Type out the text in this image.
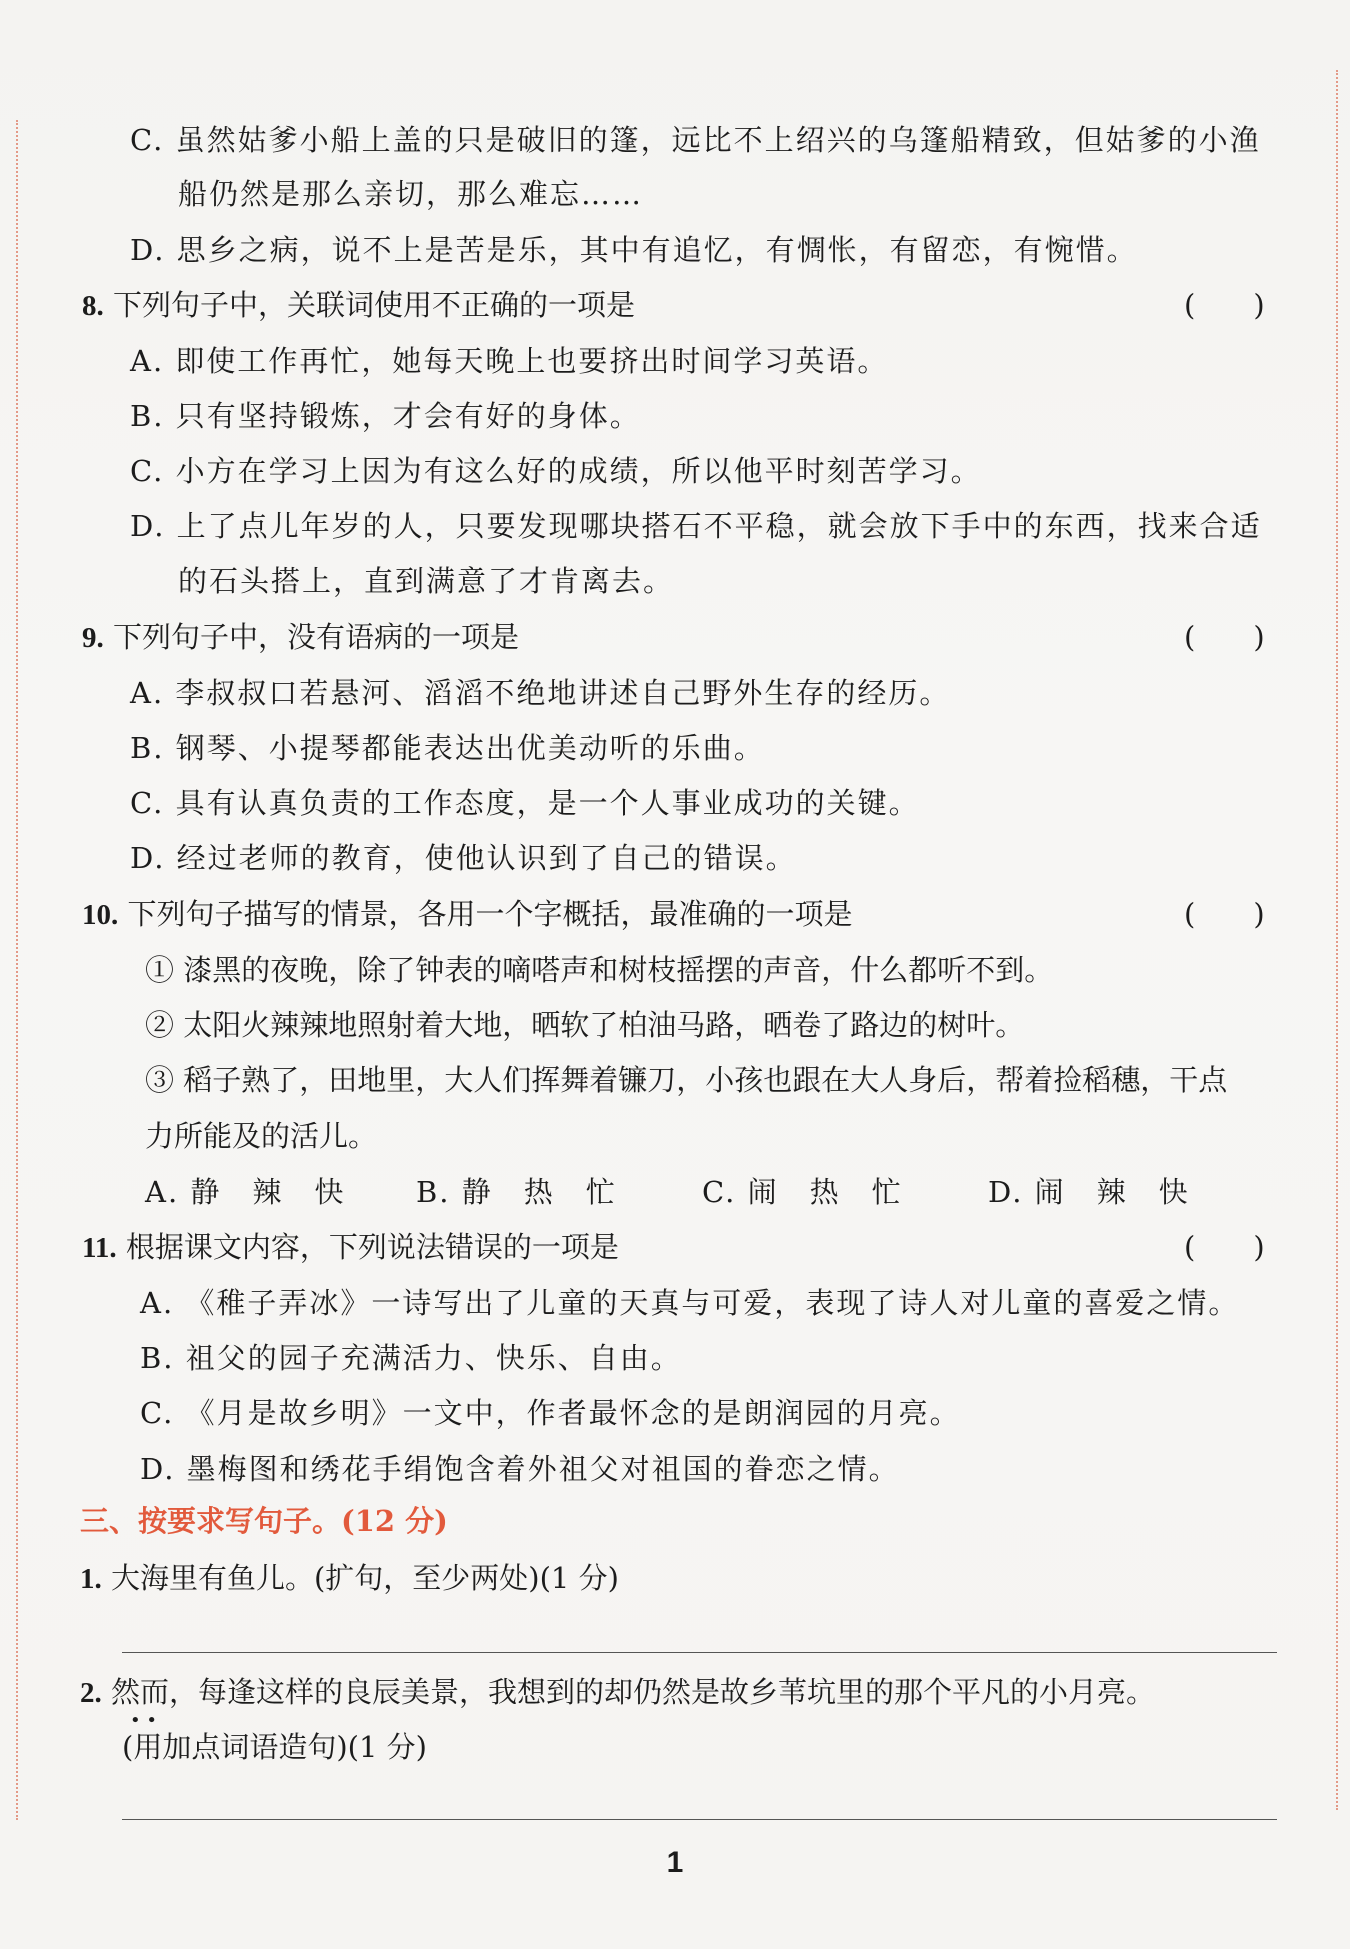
C. 虽然姑爹小船上盖的只是破旧的篷，远比不上绍兴的乌篷船精致，但姑爹的小渔
船仍然是那么亲切，那么难忘……
D. 思乡之病，说不上是苦是乐，其中有追忆，有惆怅，有留恋，有惋惜。
8. 下列句子中，关联词使用不正确的一项是	(　　)
A. 即使工作再忙，她每天晚上也要挤出时间学习英语。
B. 只有坚持锻炼，才会有好的身体。
C. 小方在学习上因为有这么好的成绩，所以他平时刻苦学习。
D. 上了点儿年岁的人，只要发现哪块搭石不平稳，就会放下手中的东西，找来合适
的石头搭上，直到满意了才肯离去。
9. 下列句子中，没有语病的一项是	(　　)
A. 李叔叔口若悬河、滔滔不绝地讲述自己野外生存的经历。
B. 钢琴、小提琴都能表达出优美动听的乐曲。
C. 具有认真负责的工作态度，是一个人事业成功的关键。
D. 经过老师的教育，使他认识到了自己的错误。
10. 下列句子描写的情景，各用一个字概括，最准确的一项是	(　　)
① 漆黑的夜晚，除了钟表的嘀嗒声和树枝摇摆的声音，什么都听不到。
② 太阳火辣辣地照射着大地，晒软了柏油马路，晒卷了路边的树叶。
③ 稻子熟了，田地里，大人们挥舞着镰刀，小孩也跟在大人身后，帮着捡稻穗，干点
力所能及的活儿。
A. 静　辣　快 B. 静　热　忙	C. 闹　热　忙	D. 闹　辣　快
11. 根据课文内容，下列说法错误的一项是	(　　)
A. 《稚子弄冰》一诗写出了儿童的天真与可爱，表现了诗人对儿童的喜爱之情。
B. 祖父的园子充满活力、快乐、自由。
C. 《月是故乡明》一文中，作者最怀念的是朗润园的月亮。
D. 墨梅图和绣花手绢饱含着外祖父对祖国的眷恋之情。
三、按要求写句子。(12 分)
1. 大海里有鱼儿。(扩句，至少两处)(1 分)
2. 然而，每逢这样的良辰美景，我想到的却仍然是故乡苇坑里的那个平凡的小月亮。
• •
(用加点词语造句)(1 分)
1
